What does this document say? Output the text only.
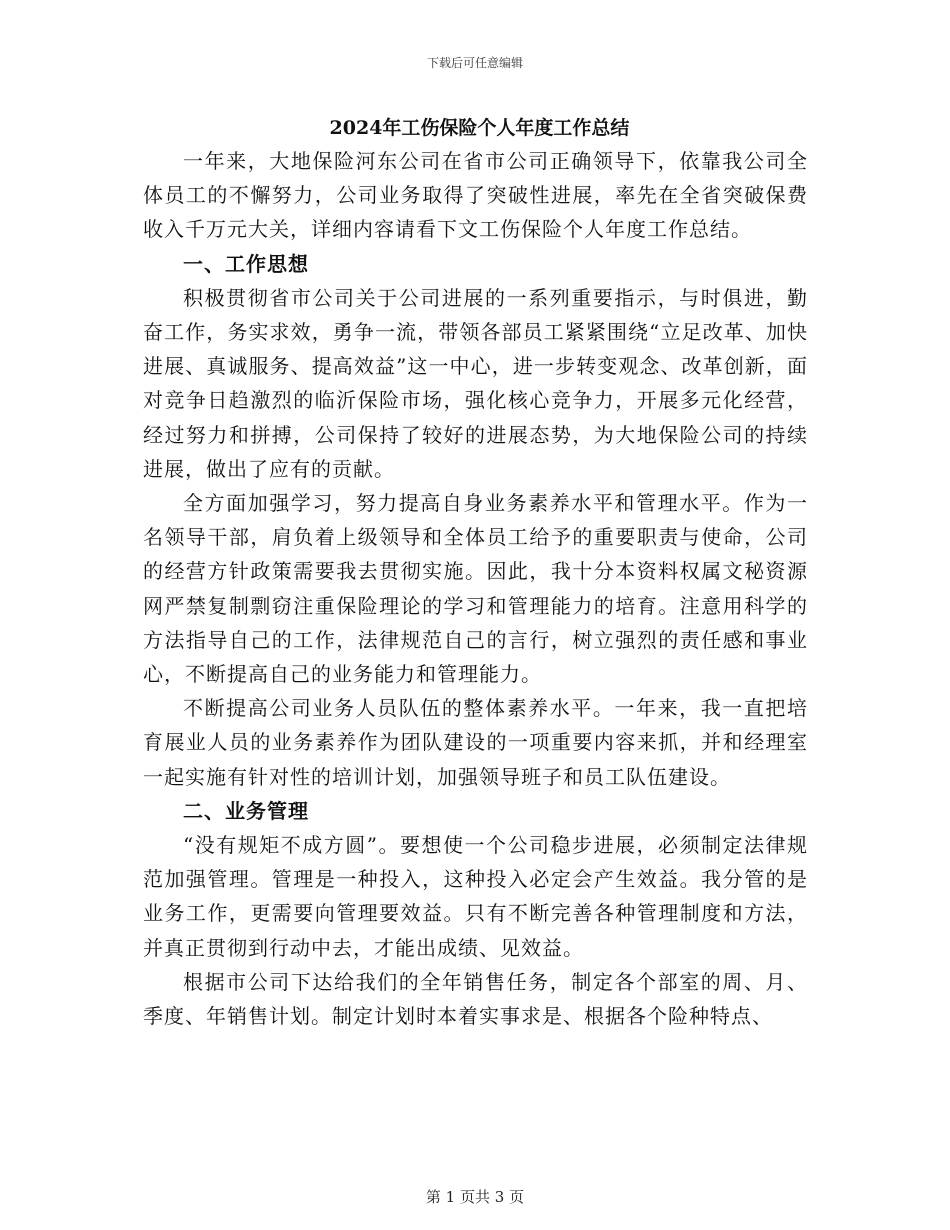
下载后可任意编辑
2024年工伤保险个人年度工作总结

一年来，大地保险河东公司在省市公司正确领导下，依靠我公司全体员工的不懈努力，公司业务取得了突破性进展，率先在全省突破保费收入千万元大关，详细内容请看下文工伤保险个人年度工作总结。

一、工作思想

积极贯彻省市公司关于公司进展的一系列重要指示，与时俱进，勤奋工作，务实求效，勇争一流，带领各部员工紧紧围绕“立足改革、加快进展、真诚服务、提高效益”这一中心，进一步转变观念、改革创新，面对竞争日趋激烈的临沂保险市场，强化核心竞争力，开展多元化经营，经过努力和拼搏，公司保持了较好的进展态势，为大地保险公司的持续进展，做出了应有的贡献。

全方面加强学习，努力提高自身业务素养水平和管理水平。作为一名领导干部，肩负着上级领导和全体员工给予的重要职责与使命，公司的经营方针政策需要我去贯彻实施。因此，我十分本资料权属文秘资源网严禁复制剽窃注重保险理论的学习和管理能力的培育。注意用科学的方法指导自己的工作，法律规范自己的言行，树立强烈的责任感和事业心，不断提高自己的业务能力和管理能力。

不断提高公司业务人员队伍的整体素养水平。一年来，我一直把培育展业人员的业务素养作为团队建设的一项重要内容来抓，并和经理室一起实施有针对性的培训计划，加强领导班子和员工队伍建设。

二、业务管理

“没有规矩不成方圆”。要想使一个公司稳步进展，必须制定法律规范加强管理。管理是一种投入，这种投入必定会产生效益。我分管的是业务工作，更需要向管理要效益。只有不断完善各种管理制度和方法，并真正贯彻到行动中去，才能出成绩、见效益。

根据市公司下达给我们的全年销售任务，制定各个部室的周、月、季度、年销售计划。制定计划时本着实事求是、根据各个险种特点、

第 1 页共 3 页
